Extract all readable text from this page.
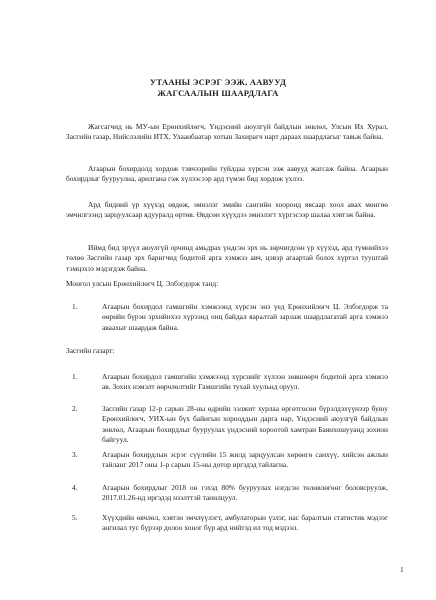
УТААНЫ ЭСРЭГ ЭЭЖ, ААВУУД
ЖАГСААЛЫН ШААРДЛАГА
Жагсагчид нь МУ-ын Ерөнхийлөгч, Үндэсний аюулгүй байдлын зөвлөл, Улсын Их Хурал, Засгийн газар, Нийслэлийн ИТХ, Улаанбаатар хотын Захирагч нарт дараах шаардлагыг тавьж байна.
Агаарын бохирдолд хордож тэвчээрийн туйлдаа хүрсэн ээж аавууд жагсаж байна. Агаарын бохирдлыг бууруулна, арилгана гэж хүлээсээр ард түмэн бид хордож үхлээ.
Ард бидний үр хүүхэд өвдөж, эмнэлэг эмийн сангийн хооронд явсаар хоол авах мөнгөө эмчилгээнд зарцуулсаар ядууралд өртөв. Өвдсөн хүүхдээ эмнэлэгт хүргэсээр шалаа хэвтэж байна.
Иймд бид эрүүл аюулгүй орчинд амьдрах үндсэн эрх нь зөрчигдсөн үр хүүхэд, ард түмнийхээ төлөө Засгийн газар эрх баригчид бодитой арга хэмжээ авч, цэвэр агаартай болох хүртэл тууштай тэмцэхээ мэдэгдэж байна.
Монгол улсын Ерөнхийлөгч Ц. Элбэгдорж танд:
1.	Агаарын бохирдол гамшгийн хэмжээнд хүрсэн энэ үед Ерөнхийлөгч Ц. Элбэгдорж та өөрийн бүрэн эрхийнхээ хүрээнд онц байдал яаралтай зарлаж шаардлагатай арга хэмжээ аваахыг шаардаж байна.
Засгийн газарт:
1.	Агаарын бохирдол гамшгийн хэмжээнд хүрснийг хүлээн зөвшөөрч бодитой арга хэмжээ ав. Зохих нэмэлт өөрчлөлтийг Гамшгийн тухай хуульнд оруул.
2.	Засгийн газар 12-р сарын 28-ны өдрийн ээлжит хурлаа өргөтгөсөн бүрэлдэхүүнээр буюу Ерөнхийлөгч, УИХ-ын бүх байнгын хорооддын дарга нар, Үндэсний аюулгүй байдлын зөвлөл, Агаарын бохирдлыг бууруулах үндэсний хороотой хамтран Баянхошууанд зохион байгуул.
3.	Агаарын бохирдлын эсрэг сүүлийн 15 жилд зарцуулсан хөрөнгө санхүү, хийсэн ажлын тайланг 2017 оны 1-р сарын 15-ны дотор иргэдэд тайлагна.
4.	Агаарын бохирдлыг 2018 он гэхэд 80% бууруулах нэгдсэн төлөвлөгөөг боловсруулж, 2017.01.26-нд иргэдэд нээлттэй танилцуул.
5.	Хүүхдийн өвчлөл, хэвтэн эмчлүүлэгт, амбулаторын үзлэг, нас баралтын статистик мэдээг ангилал тус бүрээр долоо хоног бүр ард нийтэд ил тод мэдээл.
1
